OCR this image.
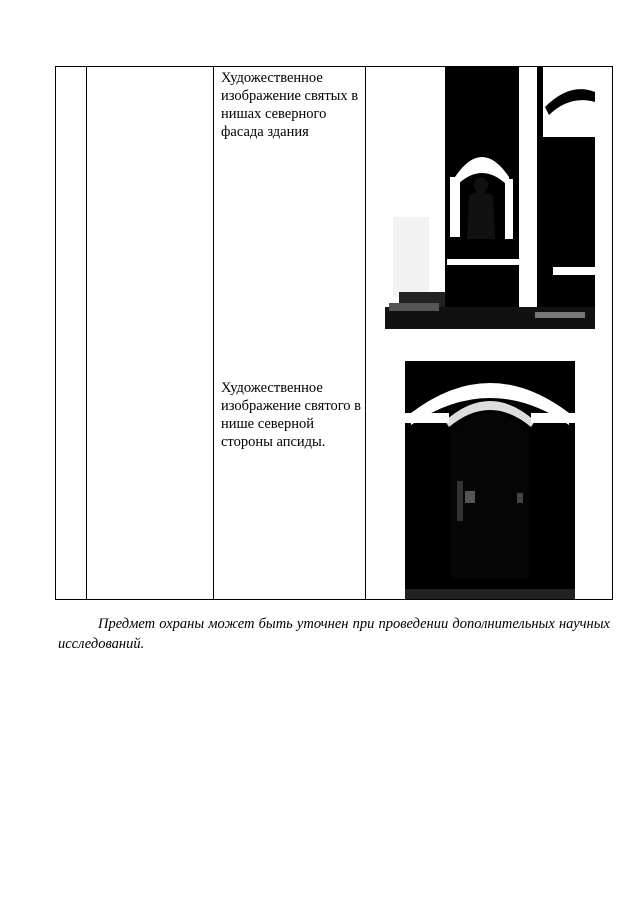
Художественное изображение святых в нишах северного фасада здания
Художественное изображение святого в нише северной стороны апсиды.

Предмет охраны может быть уточнен при проведении дополнительных научных исследований.
